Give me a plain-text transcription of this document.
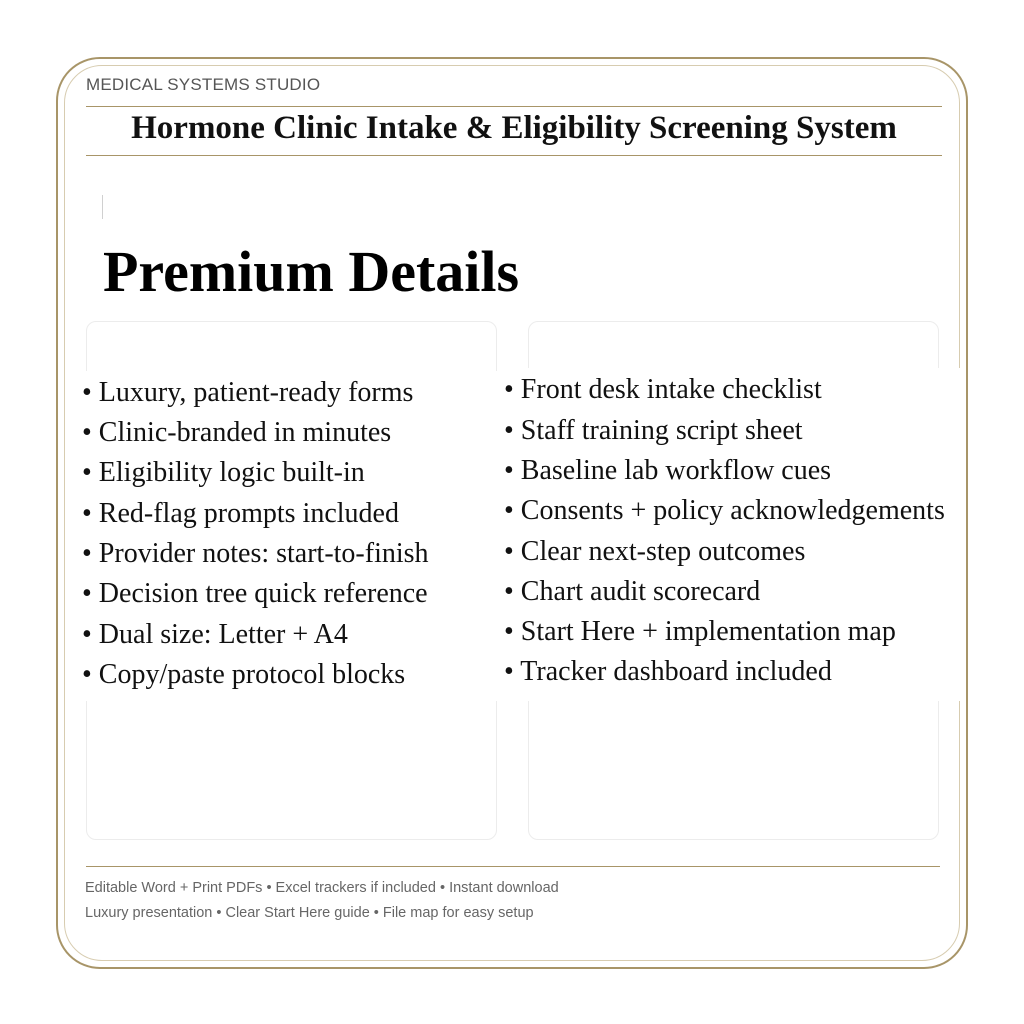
MEDICAL SYSTEMS STUDIO
Hormone Clinic Intake & Eligibility Screening System
Premium Details
• Luxury, patient-ready forms
• Clinic-branded in minutes
• Eligibility logic built-in
• Red-flag prompts included
• Provider notes: start-to-finish
• Decision tree quick reference
• Dual size: Letter + A4
• Copy/paste protocol blocks
• Front desk intake checklist
• Staff training script sheet
• Baseline lab workflow cues
• Consents + policy acknowledgements
• Clear next-step outcomes
• Chart audit scorecard
• Start Here + implementation map
• Tracker dashboard included
Editable Word + Print PDFs • Excel trackers if included • Instant download
Luxury presentation • Clear Start Here guide • File map for easy setup
